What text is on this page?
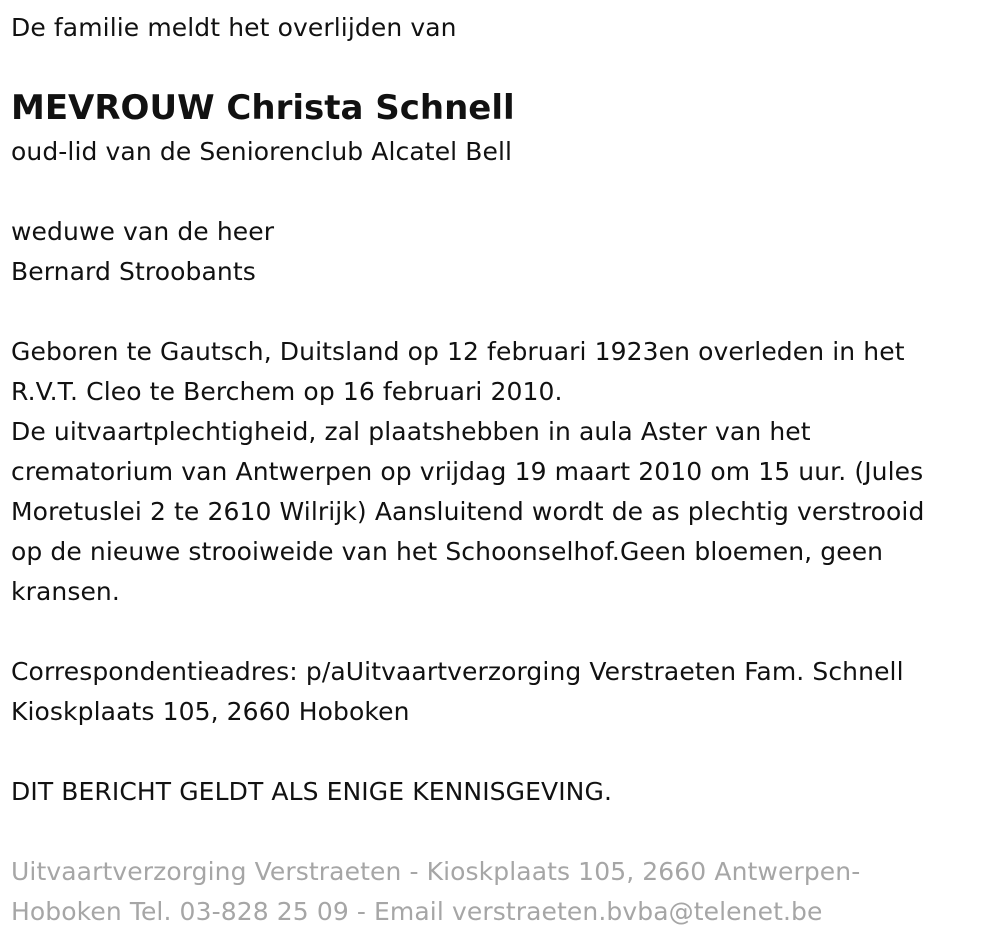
De familie meldt het overlijden van
MEVROUW Christa Schnell
oud-lid van de Seniorenclub Alcatel Bell
weduwe van de heer
Bernard Stroobants
Geboren te Gautsch, Duitsland op 12 februari 1923en overleden in het
R.V.T. Cleo te Berchem op 16 februari 2010.
De uitvaartplechtigheid, zal plaatshebben in aula Aster van het
crematorium van Antwerpen op vrijdag 19 maart 2010 om 15 uur. (Jules
Moretuslei 2 te 2610 Wilrijk) Aansluitend wordt de as plechtig verstrooid
op de nieuwe strooiweide van het Schoonselhof.Geen bloemen, geen
kransen.
Correspondentieadres: p/aUitvaartverzorging Verstraeten Fam. Schnell
Kioskplaats 105, 2660 Hoboken
DIT BERICHT GELDT ALS ENIGE KENNISGEVING.
Uitvaartverzorging Verstraeten - Kioskplaats 105, 2660 Antwerpen-
Hoboken Tel. 03-828 25 09 - Email verstraeten.bvba@telenet.be
